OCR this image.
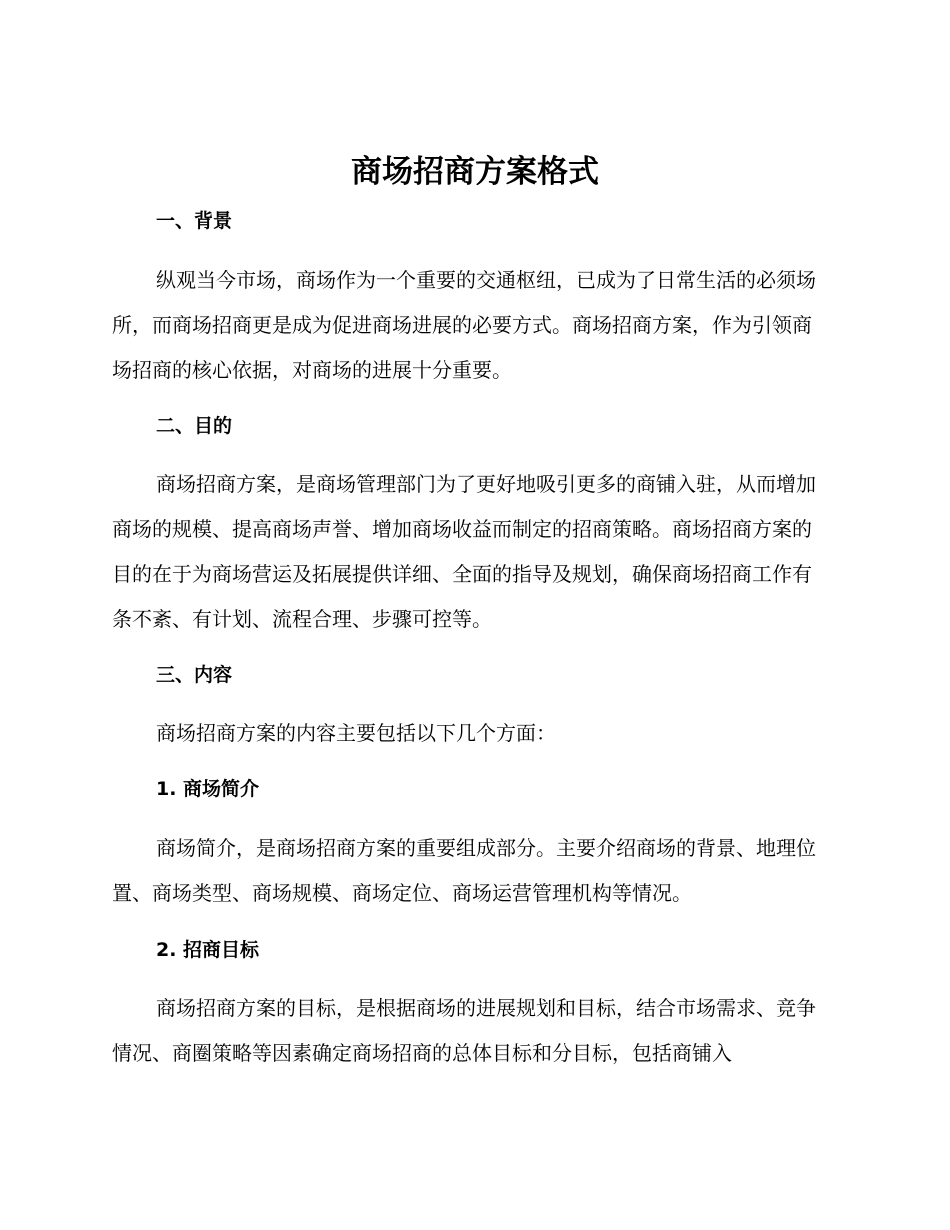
商场招商方案格式
一、背景

纵观当今市场，商场作为一个重要的交通枢纽，已成为了日常生活的必须场所，而商场招商更是成为促进商场进展的必要方式。商场招商方案，作为引领商场招商的核心依据，对商场的进展十分重要。

二、目的

商场招商方案，是商场管理部门为了更好地吸引更多的商铺入驻，从而增加商场的规模、提高商场声誉、增加商场收益而制定的招商策略。商场招商方案的目的在于为商场营运及拓展提供详细、全面的指导及规划，确保商场招商工作有条不紊、有计划、流程合理、步骤可控等。

三、内容

商场招商方案的内容主要包括以下几个方面：

1. 商场简介

商场简介，是商场招商方案的重要组成部分。主要介绍商场的背景、地理位置、商场类型、商场规模、商场定位、商场运营管理机构等情况。

2. 招商目标

商场招商方案的目标，是根据商场的进展规划和目标，结合市场需求、竞争情况、商圈策略等因素确定商场招商的总体目标和分目标，包括商铺入
